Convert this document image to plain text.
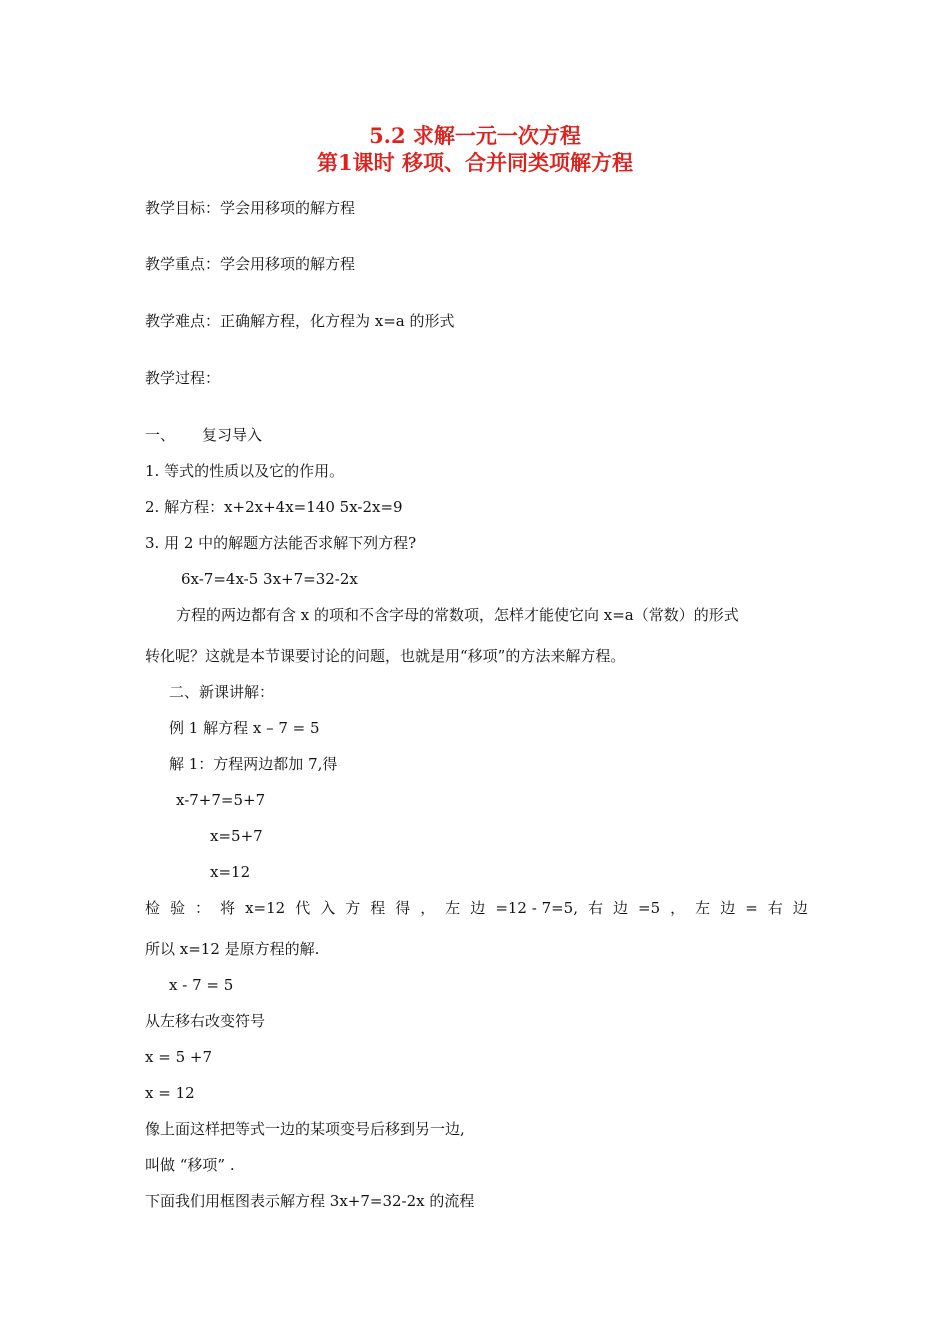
5.2 求解一元一次方程
第1课时 移项、合并同类项解方程
教学目标：学会用移项的解方程
教学重点：学会用移项的解方程
教学难点：正确解方程，化方程为 x=a 的形式
教学过程：
一、 复习导入
1. 等式的性质以及它的作用。
2. 解方程：x+2x+4x=140 5x-2x=9
3. 用 2 中的解题方法能否求解下列方程?
6x-7=4x-5 3x+7=32-2x
方程的两边都有含 x 的项和不含字母的常数项，怎样才能使它向 x=a（常数）的形式
转化呢？这就是本节课要讨论的问题，也就是用“移项”的方法来解方程。
二、新课讲解：
例 1 解方程 x – 7 = 5
解 1：方程两边都加 7,得
x-7+7=5+7
x=5+7
x=12
检 验 ： 将 x=12 代 入 方 程 得 ， 左 边 =12 - 7=5, 右 边 =5 ， 左 边 = 右 边
所以 x=12 是原方程的解.
x - 7 = 5
从左移右改变符号
x = 5 +7
x = 12
像上面这样把等式一边的某项变号后移到另一边,
叫做 “移项” .
下面我们用框图表示解方程 3x+7=32-2x 的流程
